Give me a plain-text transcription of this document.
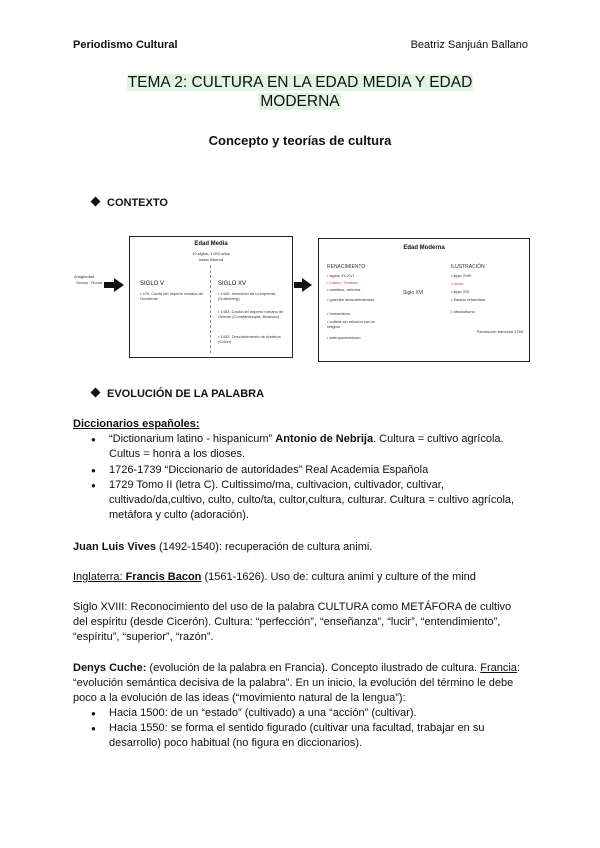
Periodismo Cultural	Beatriz Sanjuán Ballano
TEMA 2: CULTURA EN LA EDAD MEDIA Y EDAD
MODERNA
Concepto y teorías de cultura
CONTEXTO
Antigüedad
Grecia · Roma
Edad Media
10 siglos, 1.000 años
hasta hiberna
SIGLO V
• 476: Caída del Imperio romano de Occidente
SIGLO XV
• 1440: Invención de la imprenta (Gutenberg)
• 1453: Caída del Imperio romano de Oriente (Constantinopla, Bizancio)
• 1492: Descubrimiento de América (Colón)
Edad Moderna
RENACIMIENTO
• siglos XV-XVI
• Lutero · Erasmo
• cambios, reforma
• grandes descubrimientos
• humanismo
• cultura sin relación con la religión
• antropocentrismo
Siglo XVI
ILUSTRACIÓN
• siglo XVIII
• razón
• siglo XIX
• Estado reformista
• absolutismo
Revolución francesa 1789
EVOLUCIÓN DE LA PALABRA
Diccionarios españoles:
● “Dictionarium latino - hispanicum” Antonio de Nebrija. Cultura = cultivo agrícola.
Cultus = honra a los dioses.
● 1726-1739 “Diccionario de autoridades” Real Academia Española
● 1729 Tomo II (letra C). Cultissimo/ma, cultivacion, cultivador, cultivar,
cultivado/da,cultivo, culto, culto/ta, cultor,cultura, culturar. Cultura = cultivo agrícola,
metáfora y culto (adoración).
Juan Luis Vives (1492-1540): recuperación de cultura animi.
Inglaterra: Francis Bacon (1561-1626). Uso de: cultura animi y culture of the mind
Siglo XVIII: Reconocimiento del uso de la palabra CULTURA como METÁFORA de cultivo
del espíritu (desde Cicerón). Cultura: “perfección”, “enseñanza”, “lucir”, “entendimiento”,
“espíritu”, “superior”, “razón”.
Denys Cuche: (evolución de la palabra en Francia). Concepto ilustrado de cultura. Francia:
“evolución semántica decisiva de la palabra”. En un inicio, la evolución del término le debe
poco a la evolución de las ideas (“movimiento natural de la lengua”):
● Hacia 1500: de un “estado” (cultivado) a una “acción” (cultivar).
● Hacia 1550: se forma el sentido figurado (cultivar una facultad, trabajar en su
desarrollo) poco habitual (no figura en diccionarios).
